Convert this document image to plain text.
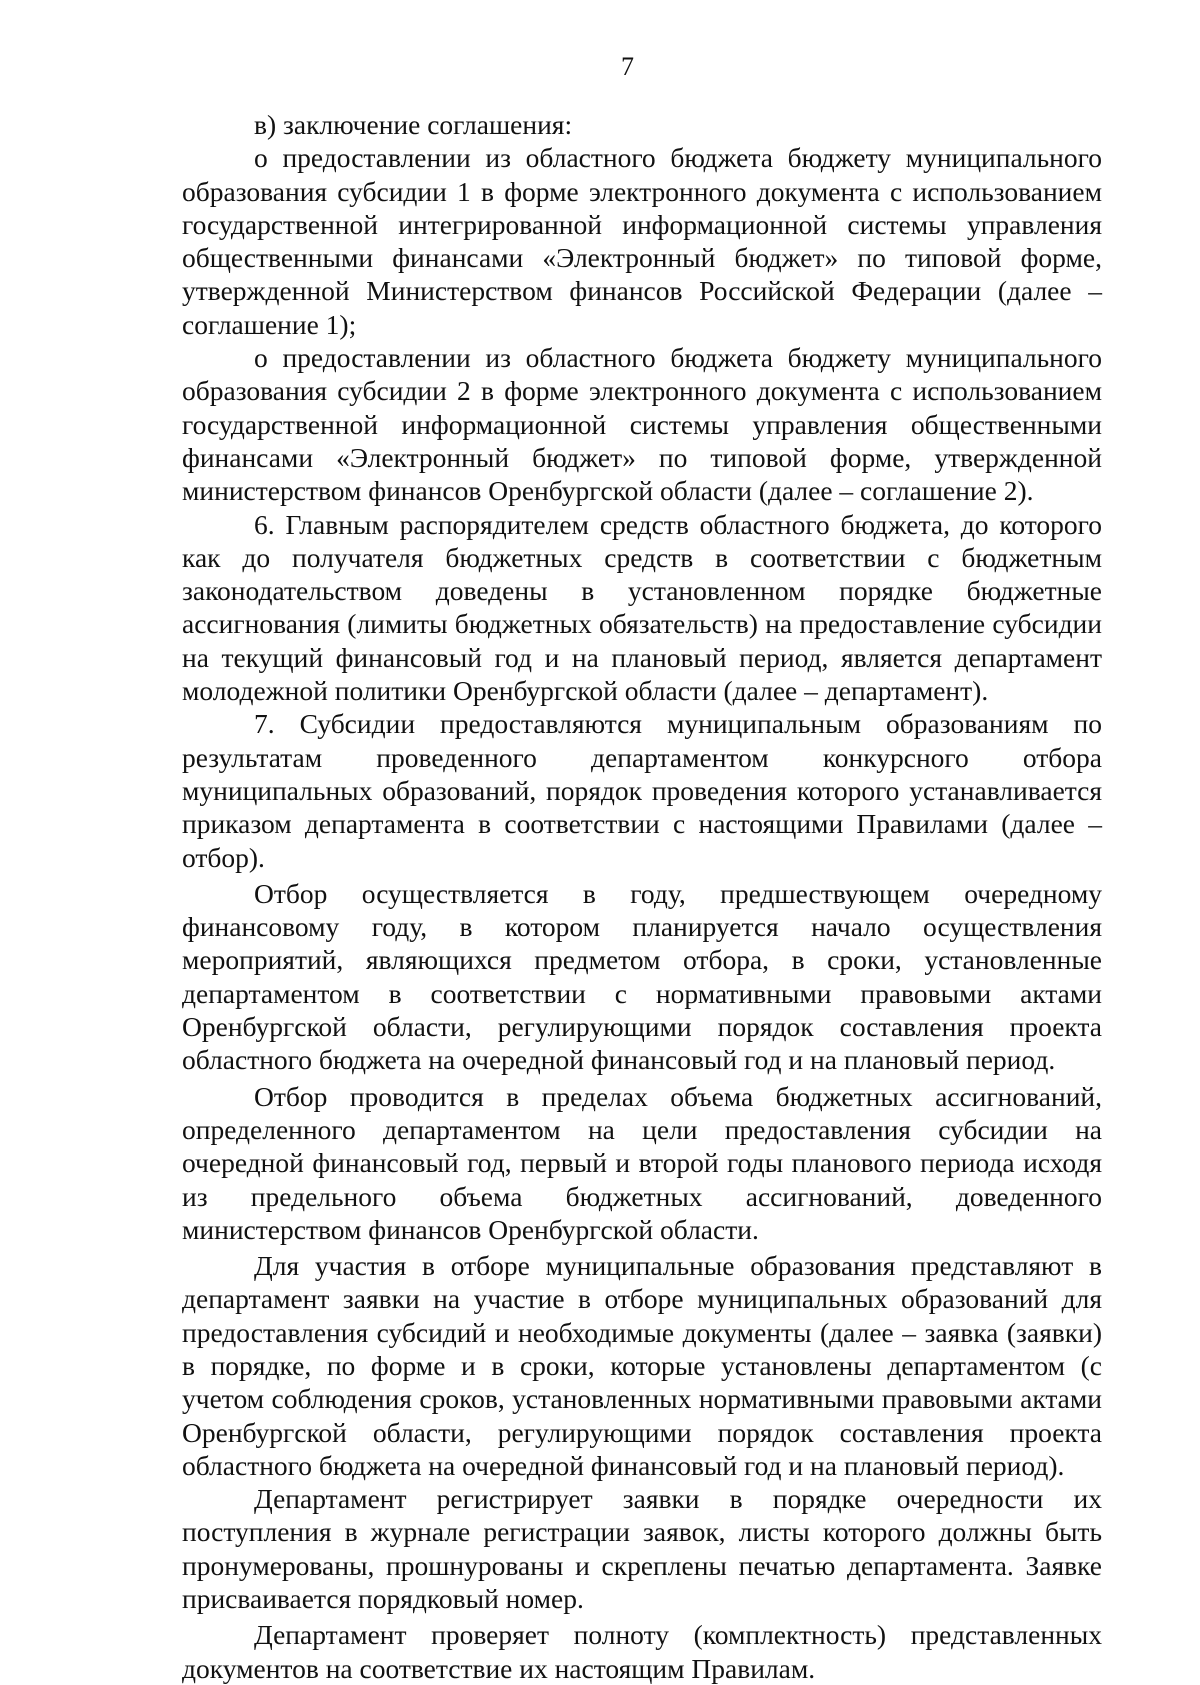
7

в) заключение соглашения:

о предоставлении из областного бюджета бюджету муниципального образования субсидии 1 в форме электронного документа с использованием государственной интегрированной информационной системы управления общественными финансами «Электронный бюджет» по типовой форме, утвержденной Министерством финансов Российской Федерации (далее – соглашение 1);

о предоставлении из областного бюджета бюджету муниципального образования субсидии 2 в форме электронного документа с использованием государственной информационной системы управления общественными финансами «Электронный бюджет» по типовой форме, утвержденной министерством финансов Оренбургской области (далее – соглашение 2).

6. Главным распорядителем средств областного бюджета, до которого как до получателя бюджетных средств в соответствии с бюджетным законодательством доведены в установленном порядке бюджетные ассигнования (лимиты бюджетных обязательств) на предоставление субсидии на текущий финансовый год и на плановый период, является департамент молодежной политики Оренбургской области (далее – департамент).

7. Субсидии предоставляются муниципальным образованиям по результатам проведенного департаментом конкурсного отбора муниципальных образований, порядок проведения которого устанавливается приказом департамента в соответствии с настоящими Правилами (далее – отбор).

Отбор осуществляется в году, предшествующем очередному финансовому году, в котором планируется начало осуществления мероприятий, являющихся предметом отбора, в сроки, установленные департаментом в соответствии с нормативными правовыми актами Оренбургской области, регулирующими порядок составления проекта областного бюджета на очередной финансовый год и на плановый период.

Отбор проводится в пределах объема бюджетных ассигнований, определенного департаментом на цели предоставления субсидии на очередной финансовый год, первый и второй годы планового периода исходя из предельного объема бюджетных ассигнований, доведенного министерством финансов Оренбургской области.

Для участия в отборе муниципальные образования представляют в департамент заявки на участие в отборе муниципальных образований для предоставления субсидий и необходимые документы (далее – заявка (заявки) в порядке, по форме и в сроки, которые установлены департаментом (с учетом соблюдения сроков, установленных нормативными правовыми актами Оренбургской области, регулирующими порядок составления проекта областного бюджета на очередной финансовый год и на плановый период).

Департамент регистрирует заявки в порядке очередности их поступления в журнале регистрации заявок, листы которого должны быть пронумерованы, прошнурованы и скреплены печатью департамента. Заявке присваивается порядковый номер.

Департамент проверяет полноту (комплектность) представленных документов на соответствие их настоящим Правилам.
